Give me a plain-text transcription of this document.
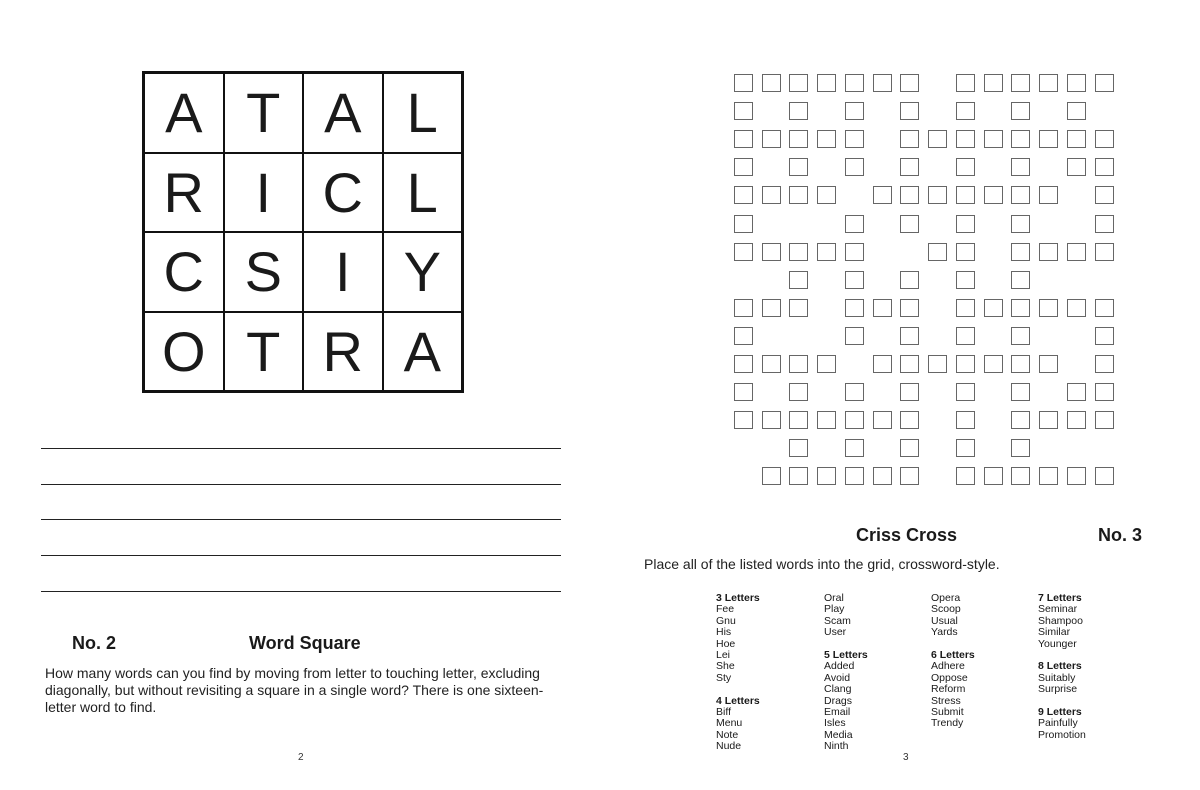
A T A L
R I C L
C S I Y
O T R A
No. 2	Word Square
How many words can you find by moving from letter to touching letter, excluding diagonally, but without revisiting a square in a single word? There is one sixteen-letter word to find.
2
Criss Cross	No. 3
Place all of the listed words into the grid, crossword-style.
3 Letters
Fee
Gnu
His
Hoe
Lei
She
Sty
4 Letters
Biff
Menu
Note
Nude
Oral
Play
Scam
User
5 Letters
Added
Avoid
Clang
Drags
Email
Isles
Media
Ninth
Opera
Scoop
Usual
Yards
6 Letters
Adhere
Oppose
Reform
Stress
Submit
Trendy
7 Letters
Seminar
Shampoo
Similar
Younger
8 Letters
Suitably
Surprise
9 Letters
Painfully
Promotion
3
